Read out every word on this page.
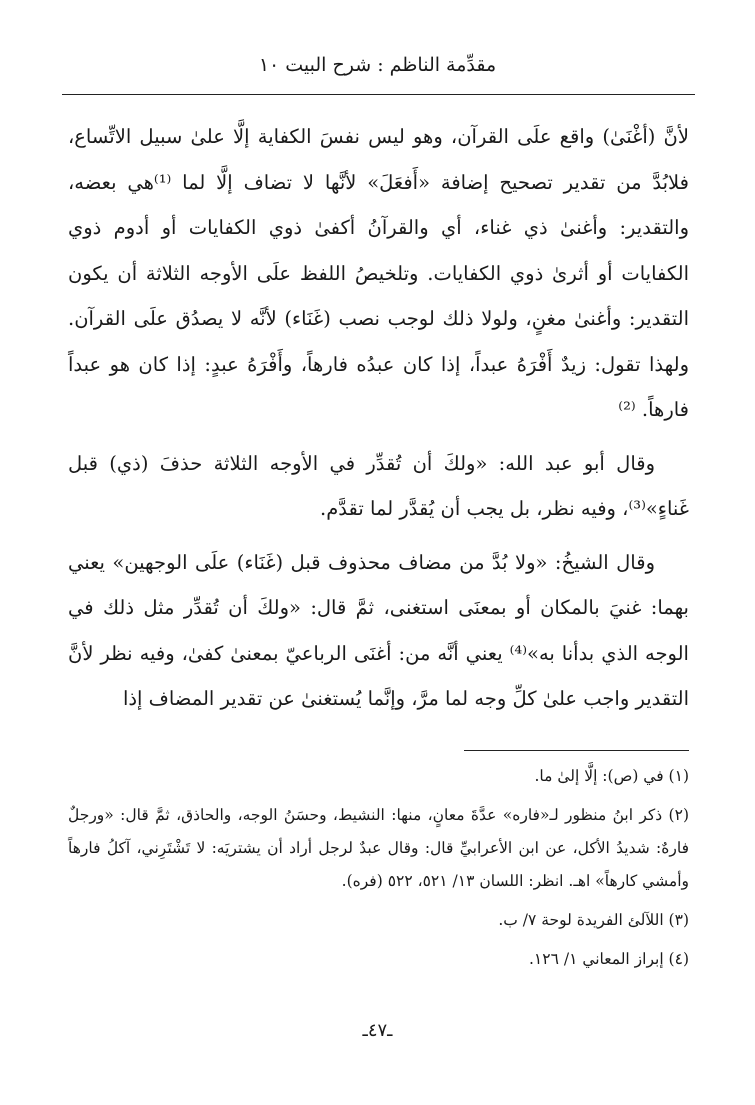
مقدِّمة الناظم : شرح البيت ١٠

لأنَّ (أغْنَىٰ) واقع علَى القرآن، وهو ليس نفسَ الكفاية إلَّا علىٰ سبيل الاتِّساع، فلابُدَّ من تقدير تصحيح إضافة «أَفعَلَ» لأنَّها لا تضاف إلَّا لما ⁽¹⁾هي بعضه، والتقدير: وأغنىٰ ذي غناء، أي والقرآنُ أكفىٰ ذوي الكفايات أو أدوم ذوي الكفايات أو أثرىٰ ذوي الكفايات. وتلخيصُ اللفظ علَى الأوجه الثلاثة أن يكون التقدير: وأغنىٰ مغنٍ، ولولا ذلك لوجب نصب (غَنَاء) لأنَّه لا يصدُق علَى القرآن. ولهذا تقول: زيدٌ أَفْرَهُ عبداً، إذا كان عبدُه فارهاً، وأَفْرَهُ عبدٍ: إذا كان هو عبداً فارهاً. ⁽²⁾

وقال أبو عبد الله: «ولكَ أن تُقدِّر في الأوجه الثلاثة حذفَ (ذي) قبل غَناءٍ»⁽³⁾، وفيه نظر، بل يجب أن يُقدَّر لما تقدَّم.

وقال الشيخُ: «ولا بُدَّ من مضاف محذوف قبل (غَنَاء) علَى الوجهين» يعني بهما: غنيَ بالمكان أو بمعنَى استغنى، ثمَّ قال: «ولكَ أن تُقدِّر مثل ذلك في الوجه الذي بدأنا به»⁽⁴⁾ يعني أنَّه من: أغنَى الرباعيّ بمعنىٰ كفىٰ، وفيه نظر لأنَّ التقدير واجب علىٰ كلِّ وجه لما مرَّ، وإنَّما يُستغنىٰ عن تقدير المضاف إذا

(١) في (ص): إلَّا إلىٰ ما.

(٢) ذكر ابنُ منظور لـ«فاره» عدَّةَ معانٍ، منها: النشيط، وحسَنُ الوجه، والحاذق، ثمَّ قال: «ورجلٌ فارهٌ: شديدُ الأكل، عن ابن الأعرابيِّ قال: وقال عبدٌ لرجل أراد أن يشتريَه: لا تَشْتَرِني، آكلُ فارهاً وأمشي كارهاً» اهـ. انظر: اللسان ١٣/ ٥٢١، ٥٢٢ (فره).

(٣) اللآلئ الفريدة لوحة ٧/ ب.

(٤) إبراز المعاني ١/ ١٢٦.

ـ٤٧ـ
